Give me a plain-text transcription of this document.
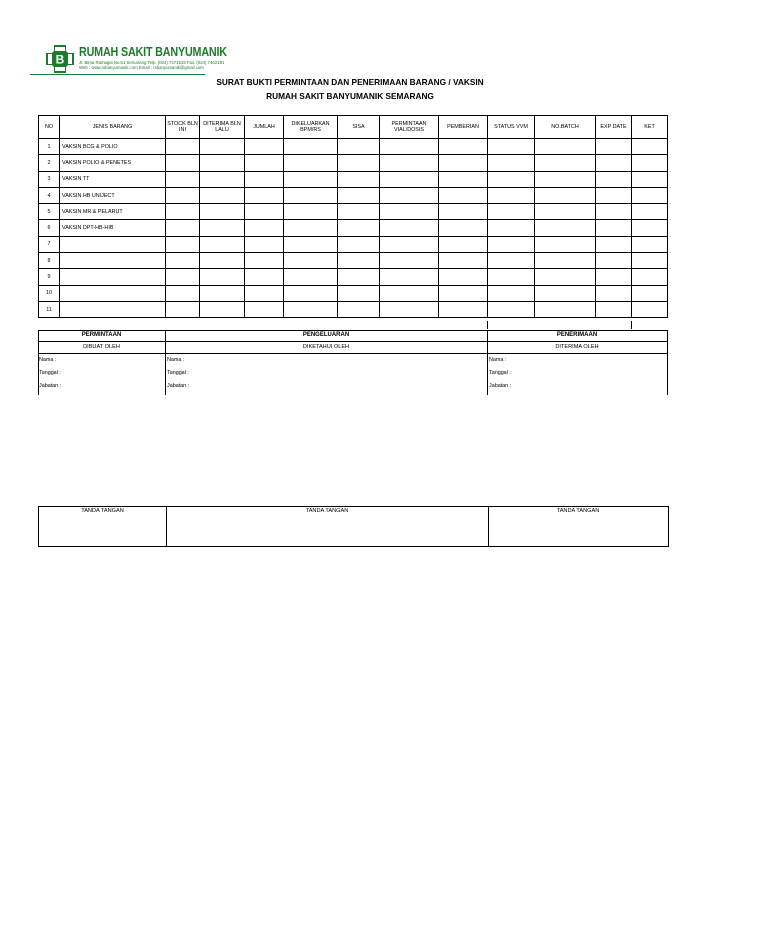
B
RUMAH SAKIT BANYUMANIK
Jl. Bima Ramagia No.61 Semarang Telp. (024) 7471519 Fax. (024) 7462181
Web : www.rsbanyumanik.com Email : rsbanyumanik@gmail.com
SURAT BUKTI PERMINTAAN DAN PENERIMAAN BARANG / VAKSIN
RUMAH SAKIT BANYUMANIK SEMARANG
NO	JENIS BARANG	STOCK BLN INI	DITERIMA BLN LALU	JUMLAH	DIKELUARKAN BPM/RS	SISA	PERMINTAAN VIAL/DOSIS	PEMBERIAN	STATUS VVM	NO.BATCH	EXP DATE	KET
1	VAKSIN BCG & POLIO											
2	VAKSIN POLIO & PENETES											
3	VAKSIN TT											
4	VAKSIN HB UNIJECT											
5	VAKSIN MR & PELARUT											
6	VAKSIN DPT-HB-HIB											
7												
8												
9												
10												
11												
PERMINTAAN	PENGELUARAN	PENERIMAAN
DIBUAT OLEH	DIKETAHUI OLEH	DITERIMA OLEH
Nama :
Tanggal :
Jabatan :
Nama :
Tanggal :
Jabatan :
Nama :
Tanggal :
Jabatan :
TANDA TANGAN	TANDA TANGAN	TANDA TANGAN
